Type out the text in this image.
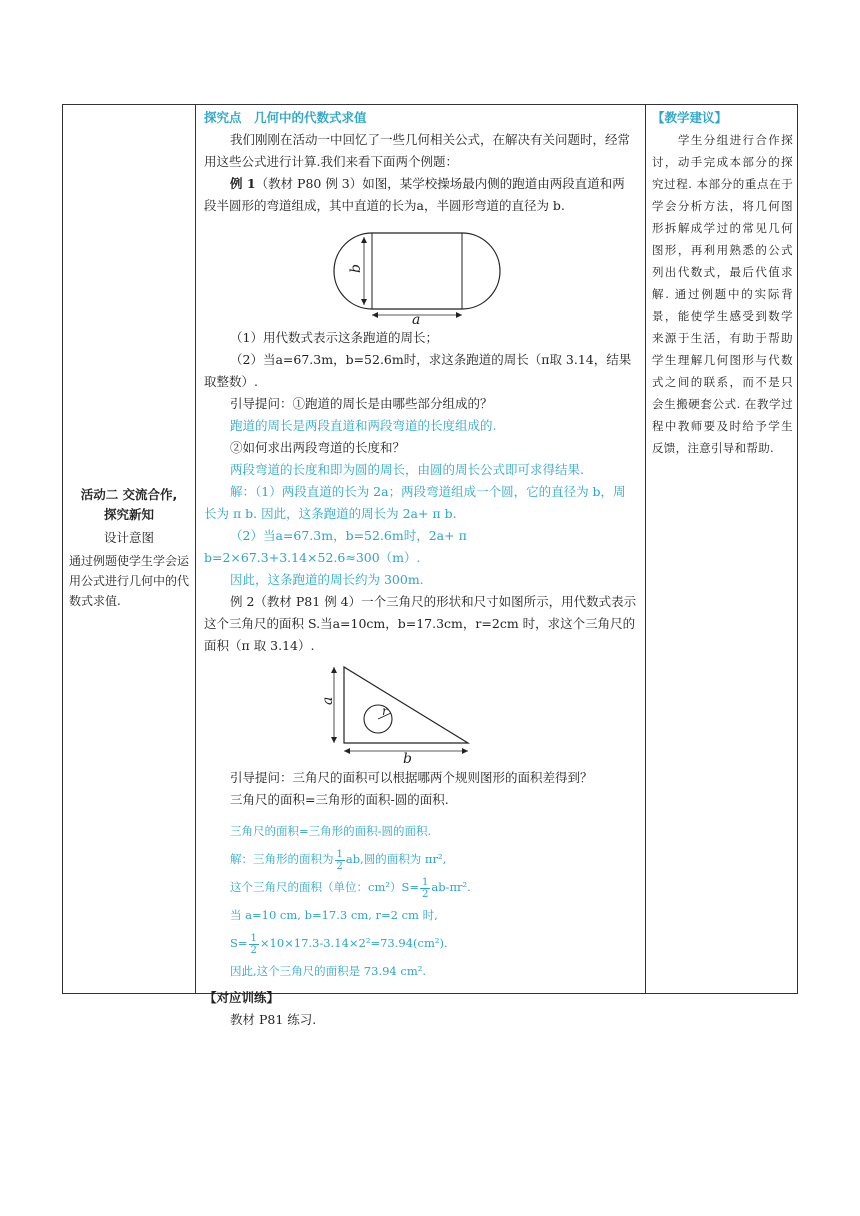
活动二 交流合作,
探究新知
设计意图
通过例题使学生学会运用公式进行几何中的代数式求值.
探究点　几何中的代数式求值
我们刚刚在活动一中回忆了一些几何相关公式，在解决有关问题时，经常用这些公式进行计算.我们来看下面两个例题：
例 1（教材 P80 例 3）如图，某学校操场最内侧的跑道由两段直道和两段半圆形的弯道组成，其中直道的长为a，半圆形弯道的直径为 b.
b
a
（1）用代数式表示这条跑道的周长；
（2）当a=67.3m，b=52.6m时，求这条跑道的周长（π取 3.14，结果取整数）.
引导提问：①跑道的周长是由哪些部分组成的？
跑道的周长是两段直道和两段弯道的长度组成的.
②如何求出两段弯道的长度和？
两段弯道的长度和即为圆的周长，由圆的周长公式即可求得结果.
解：（1）两段直道的长为 2a；两段弯道组成一个圆，它的直径为 b，周长为 π b. 因此，这条跑道的周长为 2a+ π b.
（2）当a=67.3m，b=52.6m时，2a+ π b=2×67.3+3.14×52.6≈300（m）.
因此，这条跑道的周长约为 300m.
例 2（教材 P81 例 4）一个三角尺的形状和尺寸如图所示，用代数式表示这个三角尺的面积 S.当a=10cm，b=17.3cm，r=2cm 时，求这个三角尺的面积（π 取 3.14）.
r
a
b
引导提问：三角尺的面积可以根据哪两个规则图形的面积差得到？
三角尺的面积=三角形的面积-圆的面积.
三角尺的面积=三角形的面积-圆的面积.
解：三角形的面积为 $\frac{1}{2}$ ab,圆的面积为 πr²,
这个三角尺的面积（单位：$cm^2)S= \frac{1}{2} ab-\pi r^2$.
当 a=10 cm, b=17.3 cm, r=2 cm 时,
$S= \frac{1}{2} \times 10\times 17.3-3.14\times 2^2=73.94(cm^2)$.
因此,这个三角尺的面积是 73.94 cm².
【对应训练】
教材 P81 练习.
【教学建议】
学生分组进行合作探讨，动手完成本部分的探究过程. 本部分的重点在于学会分析方法，将几何图形拆解成学过的常见几何图形，再利用熟悉的公式列出代数式，最后代值求解. 通过例题中的实际背景，能使学生感受到数学来源于生活，有助于帮助学生理解几何图形与代数式之间的联系，而不是只会生搬硬套公式. 在教学过程中教师要及时给予学生反馈，注意引导和帮助.
